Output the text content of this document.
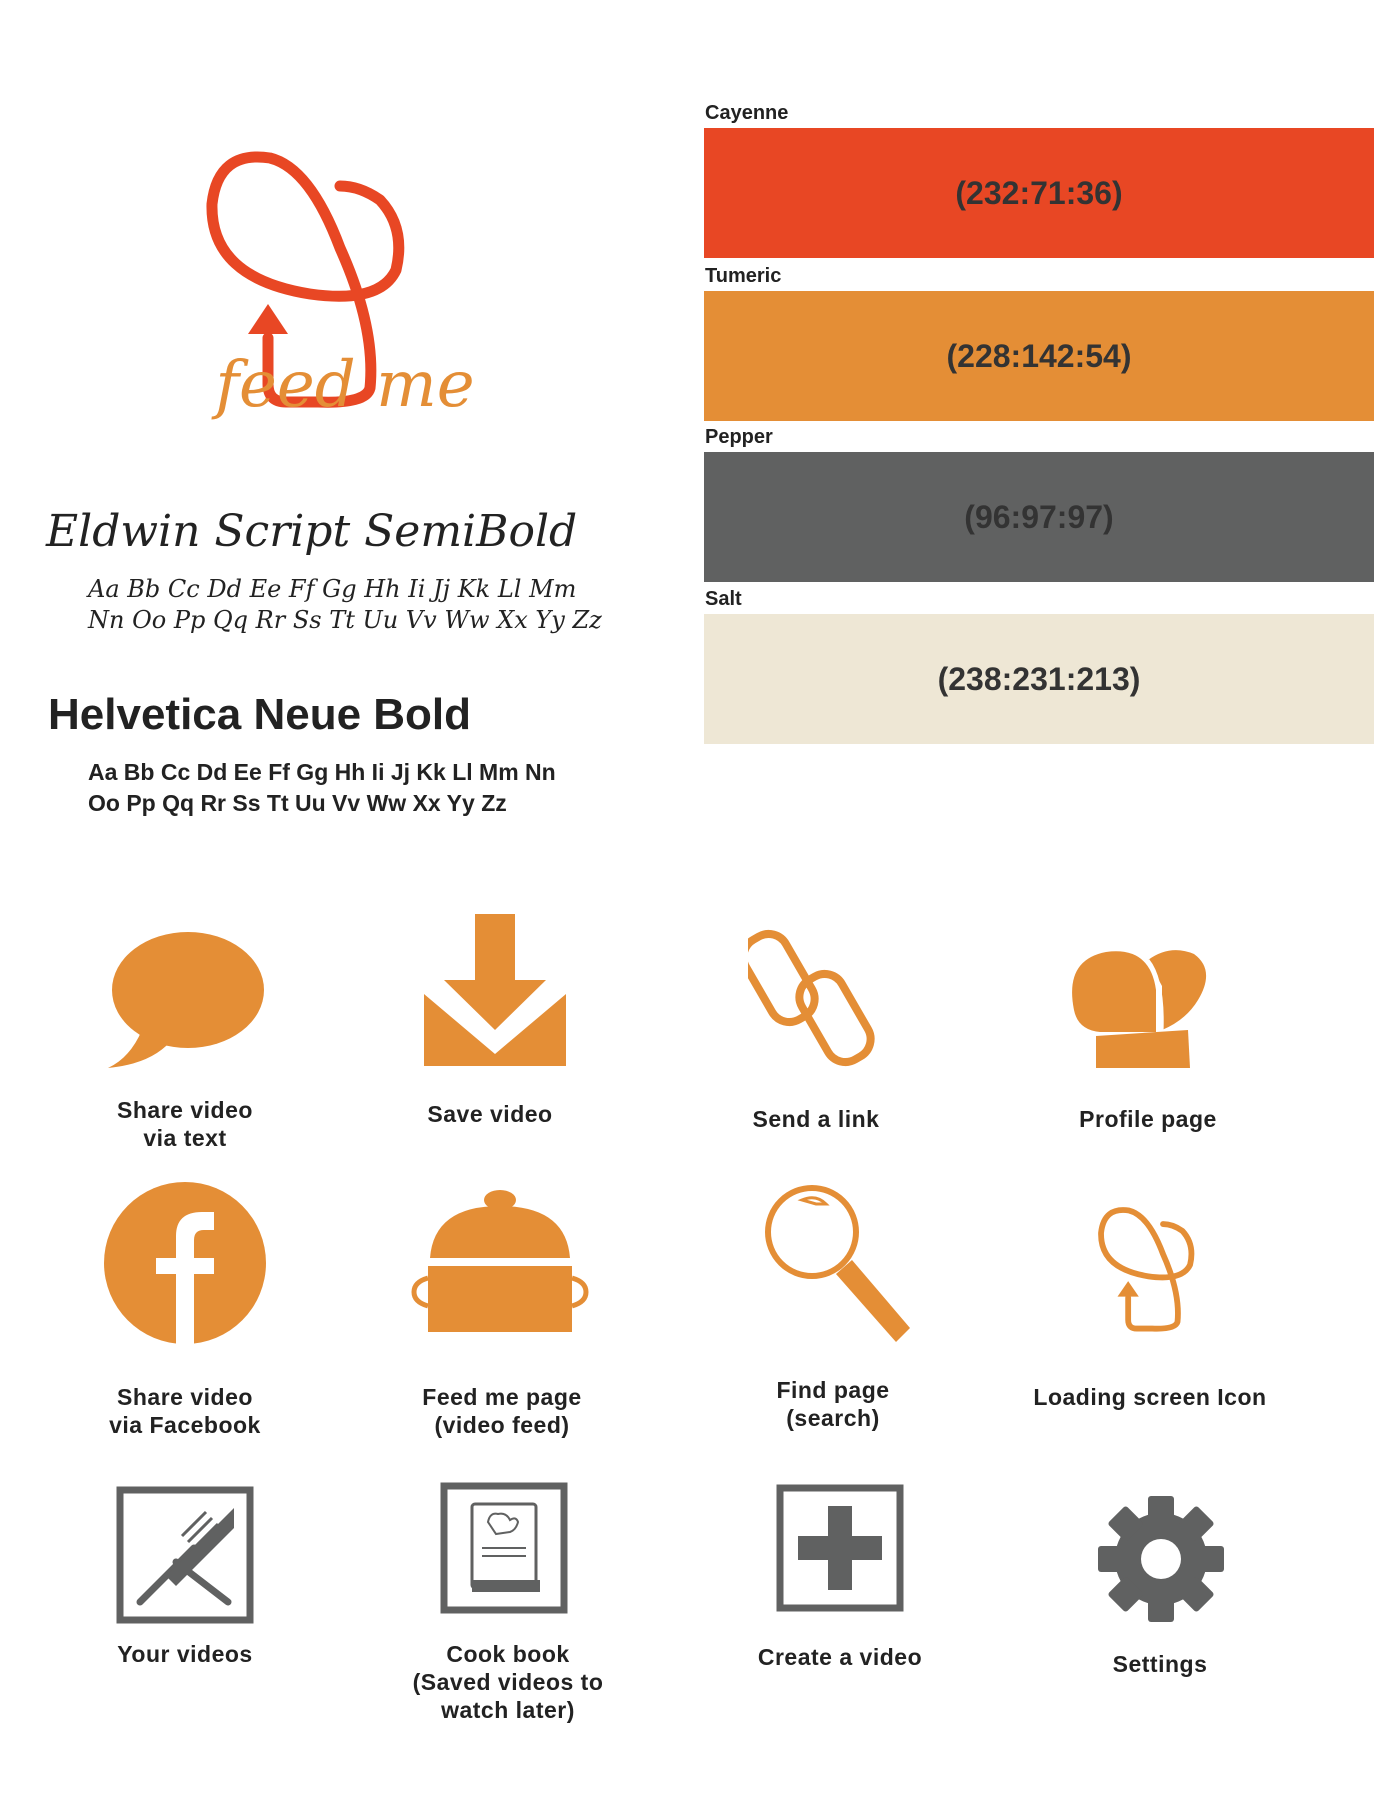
feed me
Eldwin Script SemiBold
Aa Bb Cc Dd Ee Ff Gg Hh Ii Jj Kk Ll Mm
Nn Oo Pp Qq Rr Ss Tt Uu Vv Ww Xx Yy Zz
Helvetica Neue Bold
Aa Bb Cc Dd Ee Ff Gg Hh Ii Jj Kk Ll Mm Nn
Oo Pp Qq Rr Ss Tt Uu Vv Ww Xx Yy Zz
Cayenne
(232:71:36)
Tumeric
(228:142:54)
Pepper
(96:97:97)
Salt
(238:231:213)
Share video
via text
Save video	Send a link	Profile page
Share video
via Facebook
Feed me page
(video feed)
Find page
(search)
Loading screen Icon
Your videos	Cook book
(Saved videos to
watch later)
Create a video	Settings
